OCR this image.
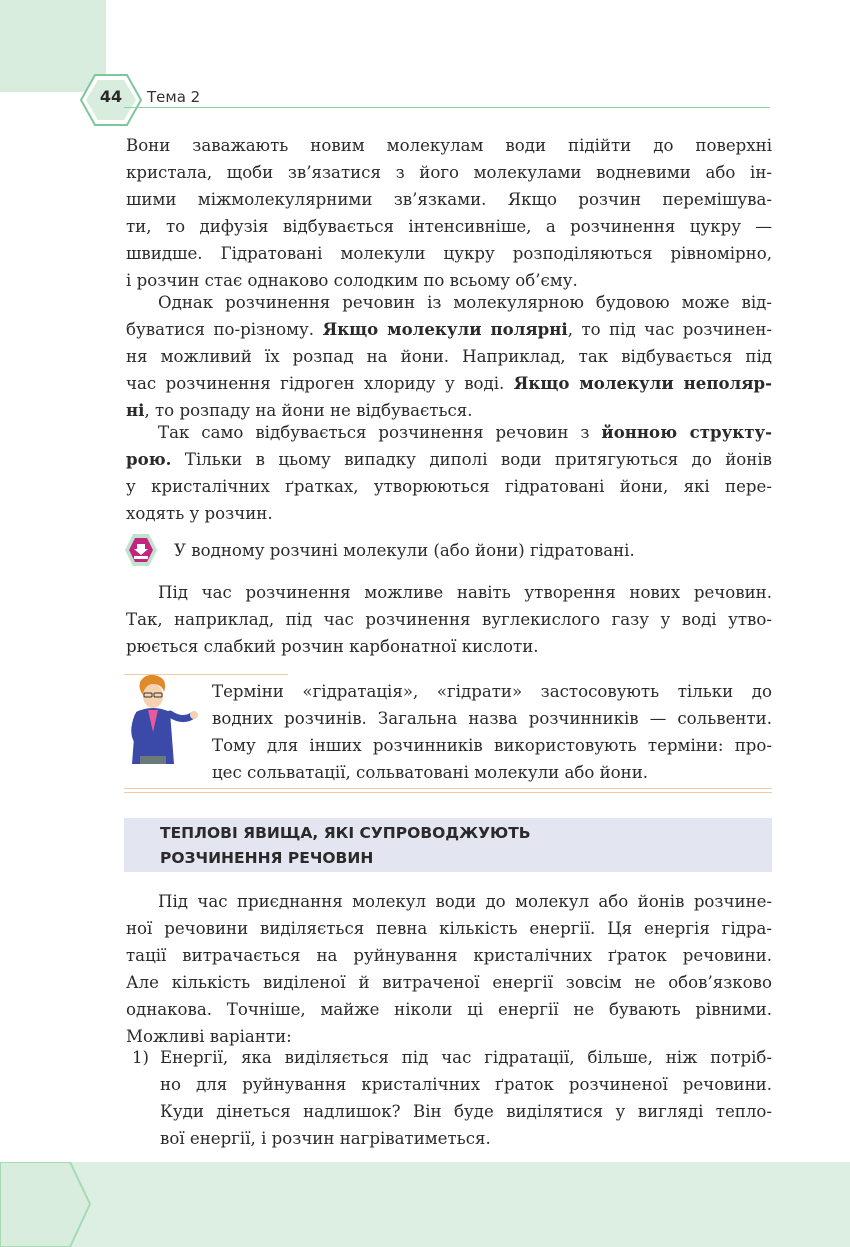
44	Тема 2
Вони заважають новим молекулам води підійти до поверхні
кристала, щоби зв’язатися з його молекулами водневими або ін-
шими міжмолекулярними зв’язками. Якщо розчин перемішува-
ти, то дифузія відбувається інтенсивніше, а розчинення цукру —
швидше. Гідратовані молекули цукру розподіляються рівномірно,
і розчин стає однаково солодким по всьому об’єму.
Однак розчинення речовин із молекулярною будовою може від-
буватися по-різному. Якщо молекули полярні, то під час розчинен-
ня можливий їх розпад на йони. Наприклад, так відбувається під
час розчинення гідроген хлориду у воді. Якщо молекули неполяр-
ні, то розпаду на йони не відбувається.
Так само відбувається розчинення речовин з йонною структу-
рою. Тільки в цьому випадку диполі води притягуються до йонів
у кристалічних ґратках, утворюються гідратовані йони, які пере-
ходять у розчин.
У водному розчині молекули (або йони) гідратовані.
Під час розчинення можливе навіть утворення нових речовин.
Так, наприклад, під час розчинення вуглекислого газу у воді утво-
рюється слабкий розчин карбонатної кислоти.
Терміни «гідратація», «гідрати» застосовують тільки до
водних розчинів. Загальна назва розчинників — сольвенти.
Тому для інших розчинників використовують терміни: про-
цес сольватації, сольватовані молекули або йони.
ТЕПЛОВІ ЯВИЩА, ЯКІ СУПРОВОДЖУЮТЬ
РОЗЧИНЕННЯ РЕЧОВИН
Під час приєднання молекул води до молекул або йонів розчине-
ної речовини виділяється певна кількість енергії. Ця енергія гідра-
тації витрачається на руйнування кристалічних ґраток речовини.
Але кількість виділеної й витраченої енергії зовсім не обов’язково
однакова. Точніше, майже ніколи ці енергії не бувають рівними.
Можливі варіанти:
1) Енергії, яка виділяється під час гідратації, більше, ніж потріб-
но для руйнування кристалічних ґраток розчиненої речовини.
Куди дінеться надлишок? Він буде виділятися у вигляді тепло-
вої енергії, і розчин нагріватиметься.
